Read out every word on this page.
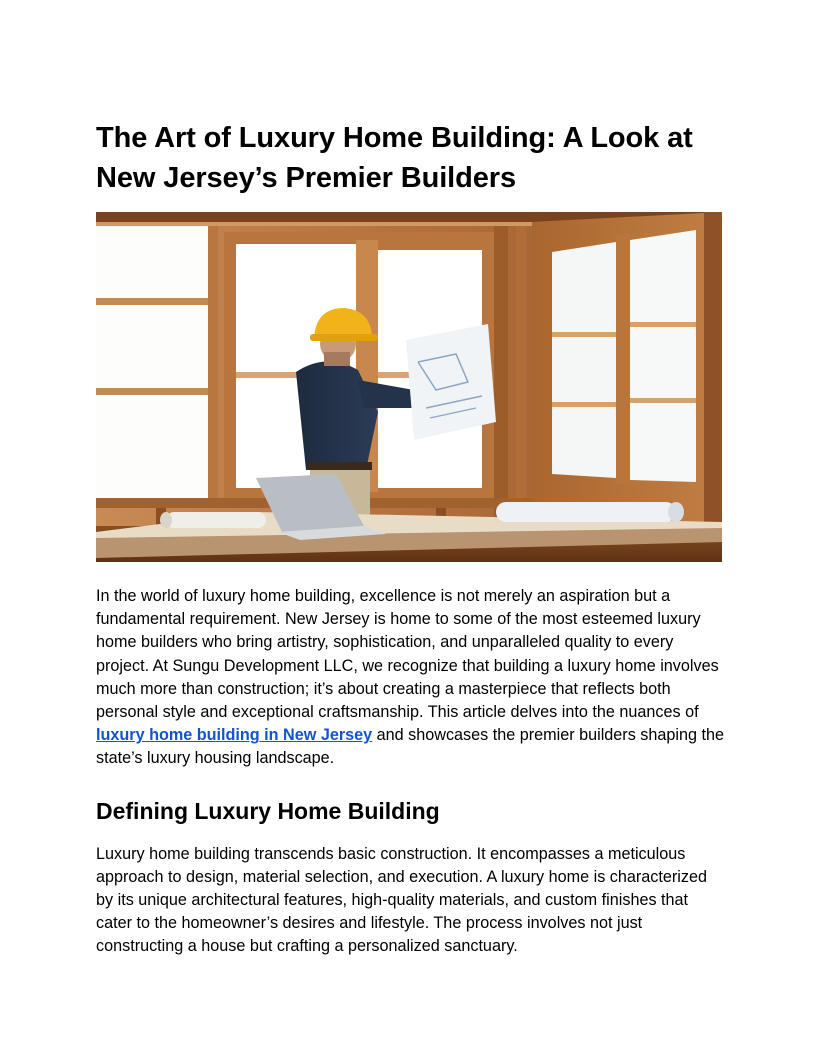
The Art of Luxury Home Building: A Look at New Jersey’s Premier Builders

In the world of luxury home building, excellence is not merely an aspiration but a fundamental requirement. New Jersey is home to some of the most esteemed luxury home builders who bring artistry, sophistication, and unparalleled quality to every project. At Sungu Development LLC, we recognize that building a luxury home involves much more than construction; it’s about creating a masterpiece that reflects both personal style and exceptional craftsmanship. This article delves into the nuances of luxury home building in New Jersey and showcases the premier builders shaping the state’s luxury housing landscape.

Defining Luxury Home Building

Luxury home building transcends basic construction. It encompasses a meticulous approach to design, material selection, and execution. A luxury home is characterized by its unique architectural features, high-quality materials, and custom finishes that cater to the homeowner’s desires and lifestyle. The process involves not just constructing a house but crafting a personalized sanctuary.
